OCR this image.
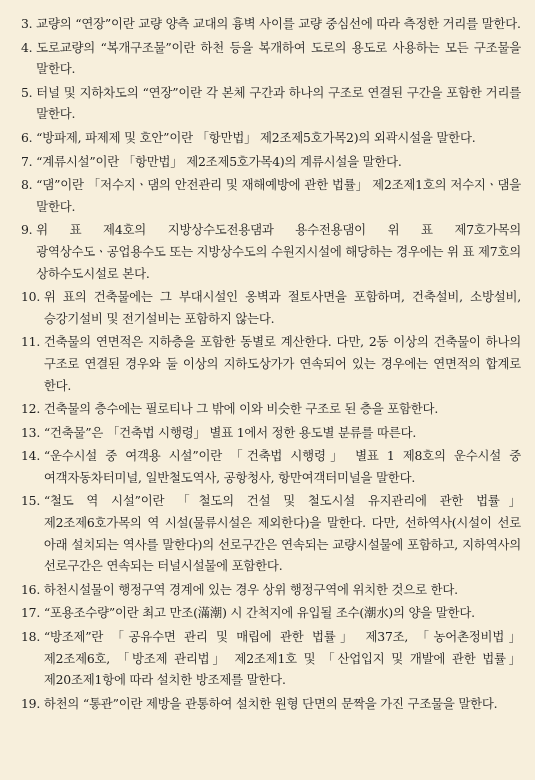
3. 교량의 “연장”이란 교량 양측 교대의 흉벽 사이를 교량 중심선에 따라 측정한 거리를 말한다.
4. 도로교량의 “복개구조물”이란 하천 등을 복개하여 도로의 용도로 사용하는 모든 구조물을 말한다.
5. 터널 및 지하차도의 “연장”이란 각 본체 구간과 하나의 구조로 연결된 구간을 포함한 거리를 말한다.
6. “방파제, 파제제 및 호안”이란 「항만법」 제2조제5호가목2)의 외곽시설을 말한다.
7. “계류시설”이란 「항만법」 제2조제5호가목4)의 계류시설을 말한다.
8. “댐”이란 「저수지ㆍ댐의 안전관리 및 재해예방에 관한 법률」 제2조제1호의 저수지ㆍ댐을 말한다.
9. 위 표 제4호의 지방상수도전용댐과 용수전용댐이 위 표 제7호가목의 광역상수도ㆍ공업용수도 또는 지방상수도의 수원지시설에 해당하는 경우에는 위 표 제7호의 상하수도시설로 본다.
10. 위 표의 건축물에는 그 부대시설인 옹벽과 절토사면을 포함하며, 건축설비, 소방설비, 승강기설비 및 전기설비는 포함하지 않는다.
11. 건축물의 연면적은 지하층을 포함한 동별로 계산한다. 다만, 2동 이상의 건축물이 하나의 구조로 연결된 경우와 둘 이상의 지하도상가가 연속되어 있는 경우에는 연면적의 합계로 한다.
12. 건축물의 층수에는 필로티나 그 밖에 이와 비슷한 구조로 된 층을 포함한다.
13. “건축물”은 「건축법 시행령」 별표 1에서 정한 용도별 분류를 따른다.
14. “운수시설 중 여객용 시설”이란 「건축법 시행령」 별표 1 제8호의 운수시설 중 여객자동차터미널, 일반철도역사, 공항청사, 항만여객터미널을 말한다.
15. “철도 역 시설”이란 「철도의 건설 및 철도시설 유지관리에 관한 법률」 제2조제6호가목의 역 시설(물류시설은 제외한다)을 말한다. 다만, 선하역사(시설이 선로 아래 설치되는 역사를 말한다)의 선로구간은 연속되는 교량시설물에 포함하고, 지하역사의 선로구간은 연속되는 터널시설물에 포함한다.
16. 하천시설물이 행정구역 경계에 있는 경우 상위 행정구역에 위치한 것으로 한다.
17. “포용조수량”이란 최고 만조(滿潮) 시 간척지에 유입될 조수(潮水)의 양을 말한다.
18. “방조제”란 「공유수면 관리 및 매립에 관한 법률」 제37조, 「농어촌정비법」 제2조제6호, 「방조제 관리법」 제2조제1호 및 「산업입지 및 개발에 관한 법률」 제20조제1항에 따라 설치한 방조제를 말한다.
19. 하천의 “통관”이란 제방을 관통하여 설치한 원형 단면의 문짝을 가진 구조물을 말한다.
